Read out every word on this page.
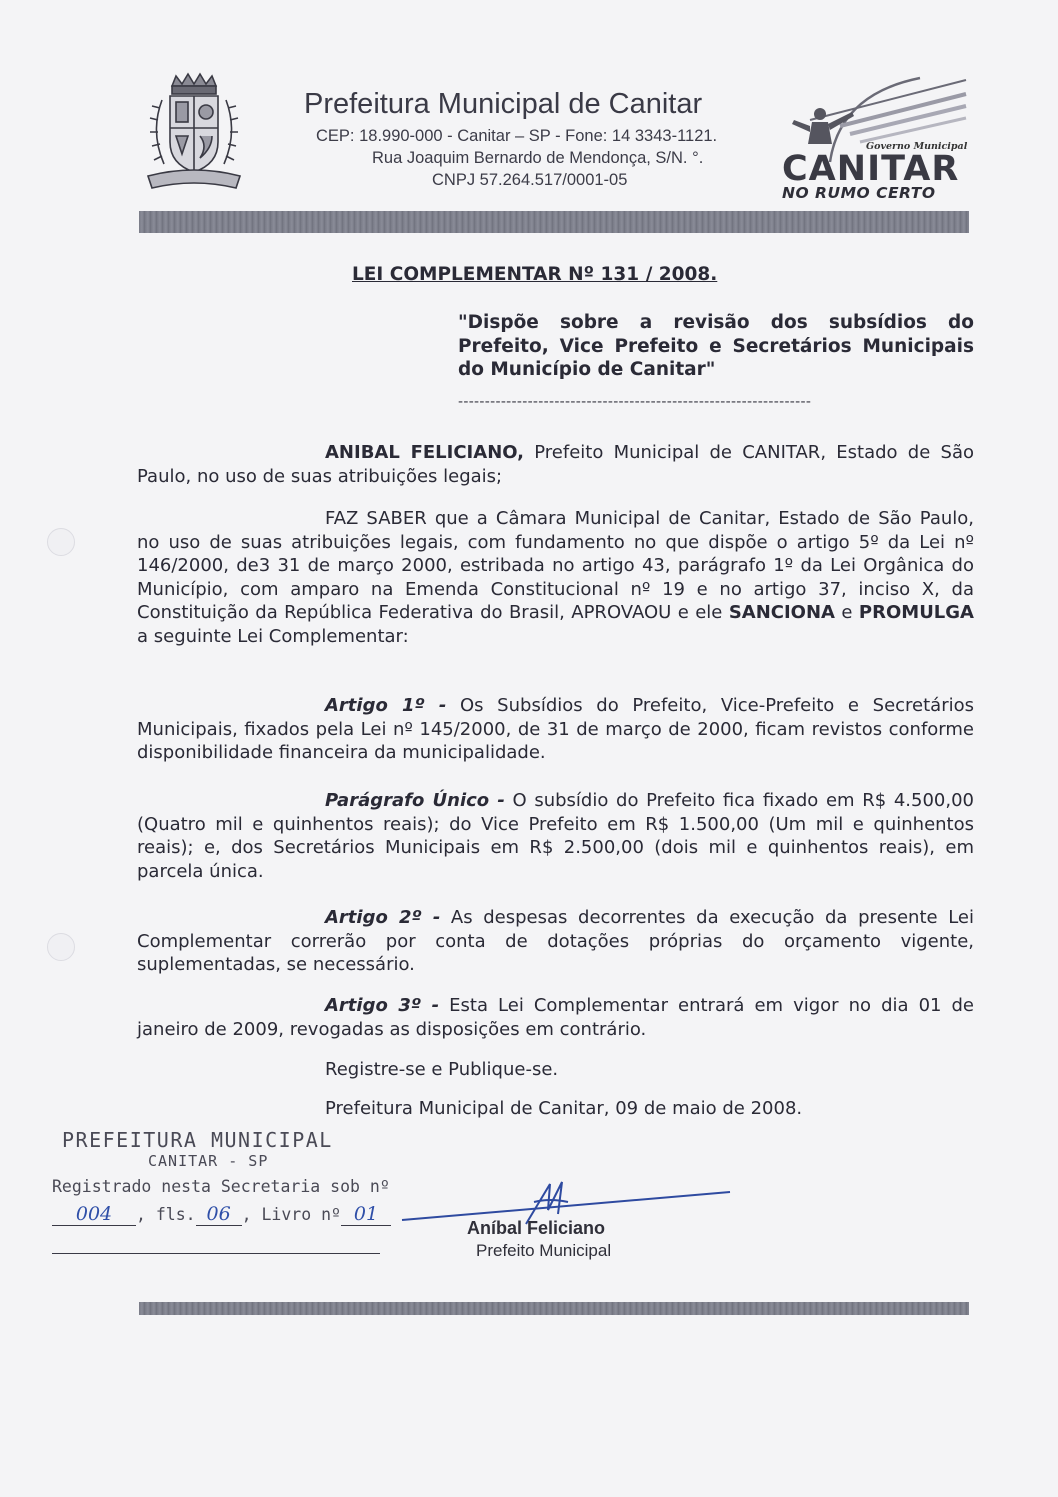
Prefeitura Municipal de Canitar
CEP: 18.990-000 - Canitar – SP - Fone: 14 3343-1121.
Rua Joaquim Bernardo de Mendonça, S/N. °.
CNPJ 57.264.517/0001-05
Governo Municipal
CANITAR
NO RUMO CERTO
LEI COMPLEMENTAR Nº 131 / 2008.
"Dispõe sobre a revisão dos subsídios do Prefeito, Vice Prefeito e Secretários Municipais do Município de Canitar"
------------------------------------------------------------------
ANIBAL FELICIANO, Prefeito Municipal de CANITAR, Estado de São Paulo, no uso de suas atribuições legais;
FAZ SABER que a Câmara Municipal de Canitar, Estado de São Paulo, no uso de suas atribuições legais, com fundamento no que dispõe o artigo 5º da Lei nº 146/2000, de3 31 de março 2000, estribada no artigo 43, parágrafo 1º da Lei Orgânica do Município, com amparo na Emenda Constitucional nº 19 e no artigo 37, inciso X, da Constituição da República Federativa do Brasil, APROVAOU e ele SANCIONA e PROMULGA a seguinte Lei Complementar:
Artigo 1º - Os Subsídios do Prefeito, Vice-Prefeito e Secretários Municipais, fixados pela Lei nº 145/2000, de 31 de março de 2000, ficam revistos conforme disponibilidade financeira da municipalidade.
Parágrafo Único - O subsídio do Prefeito fica fixado em R$ 4.500,00 (Quatro mil e quinhentos reais); do Vice Prefeito em R$ 1.500,00 (Um mil e quinhentos reais); e, dos Secretários Municipais em R$ 2.500,00 (dois mil e quinhentos reais), em parcela única.
Artigo 2º - As despesas decorrentes da execução da presente Lei Complementar correrão por conta de dotações próprias do orçamento vigente, suplementadas, se necessário.
Artigo 3º - Esta Lei Complementar entrará em vigor no dia 01 de janeiro de 2009, revogadas as disposições em contrário.
Registre-se e Publique-se.
Prefeitura Municipal de Canitar, 09 de maio de 2008.
PREFEITURA MUNICIPAL
CANITAR - SP
Registrado nesta Secretaria sob nº
004 , fls. 06 , Livro nº 01
Aníbal Feliciano
Prefeito Municipal
